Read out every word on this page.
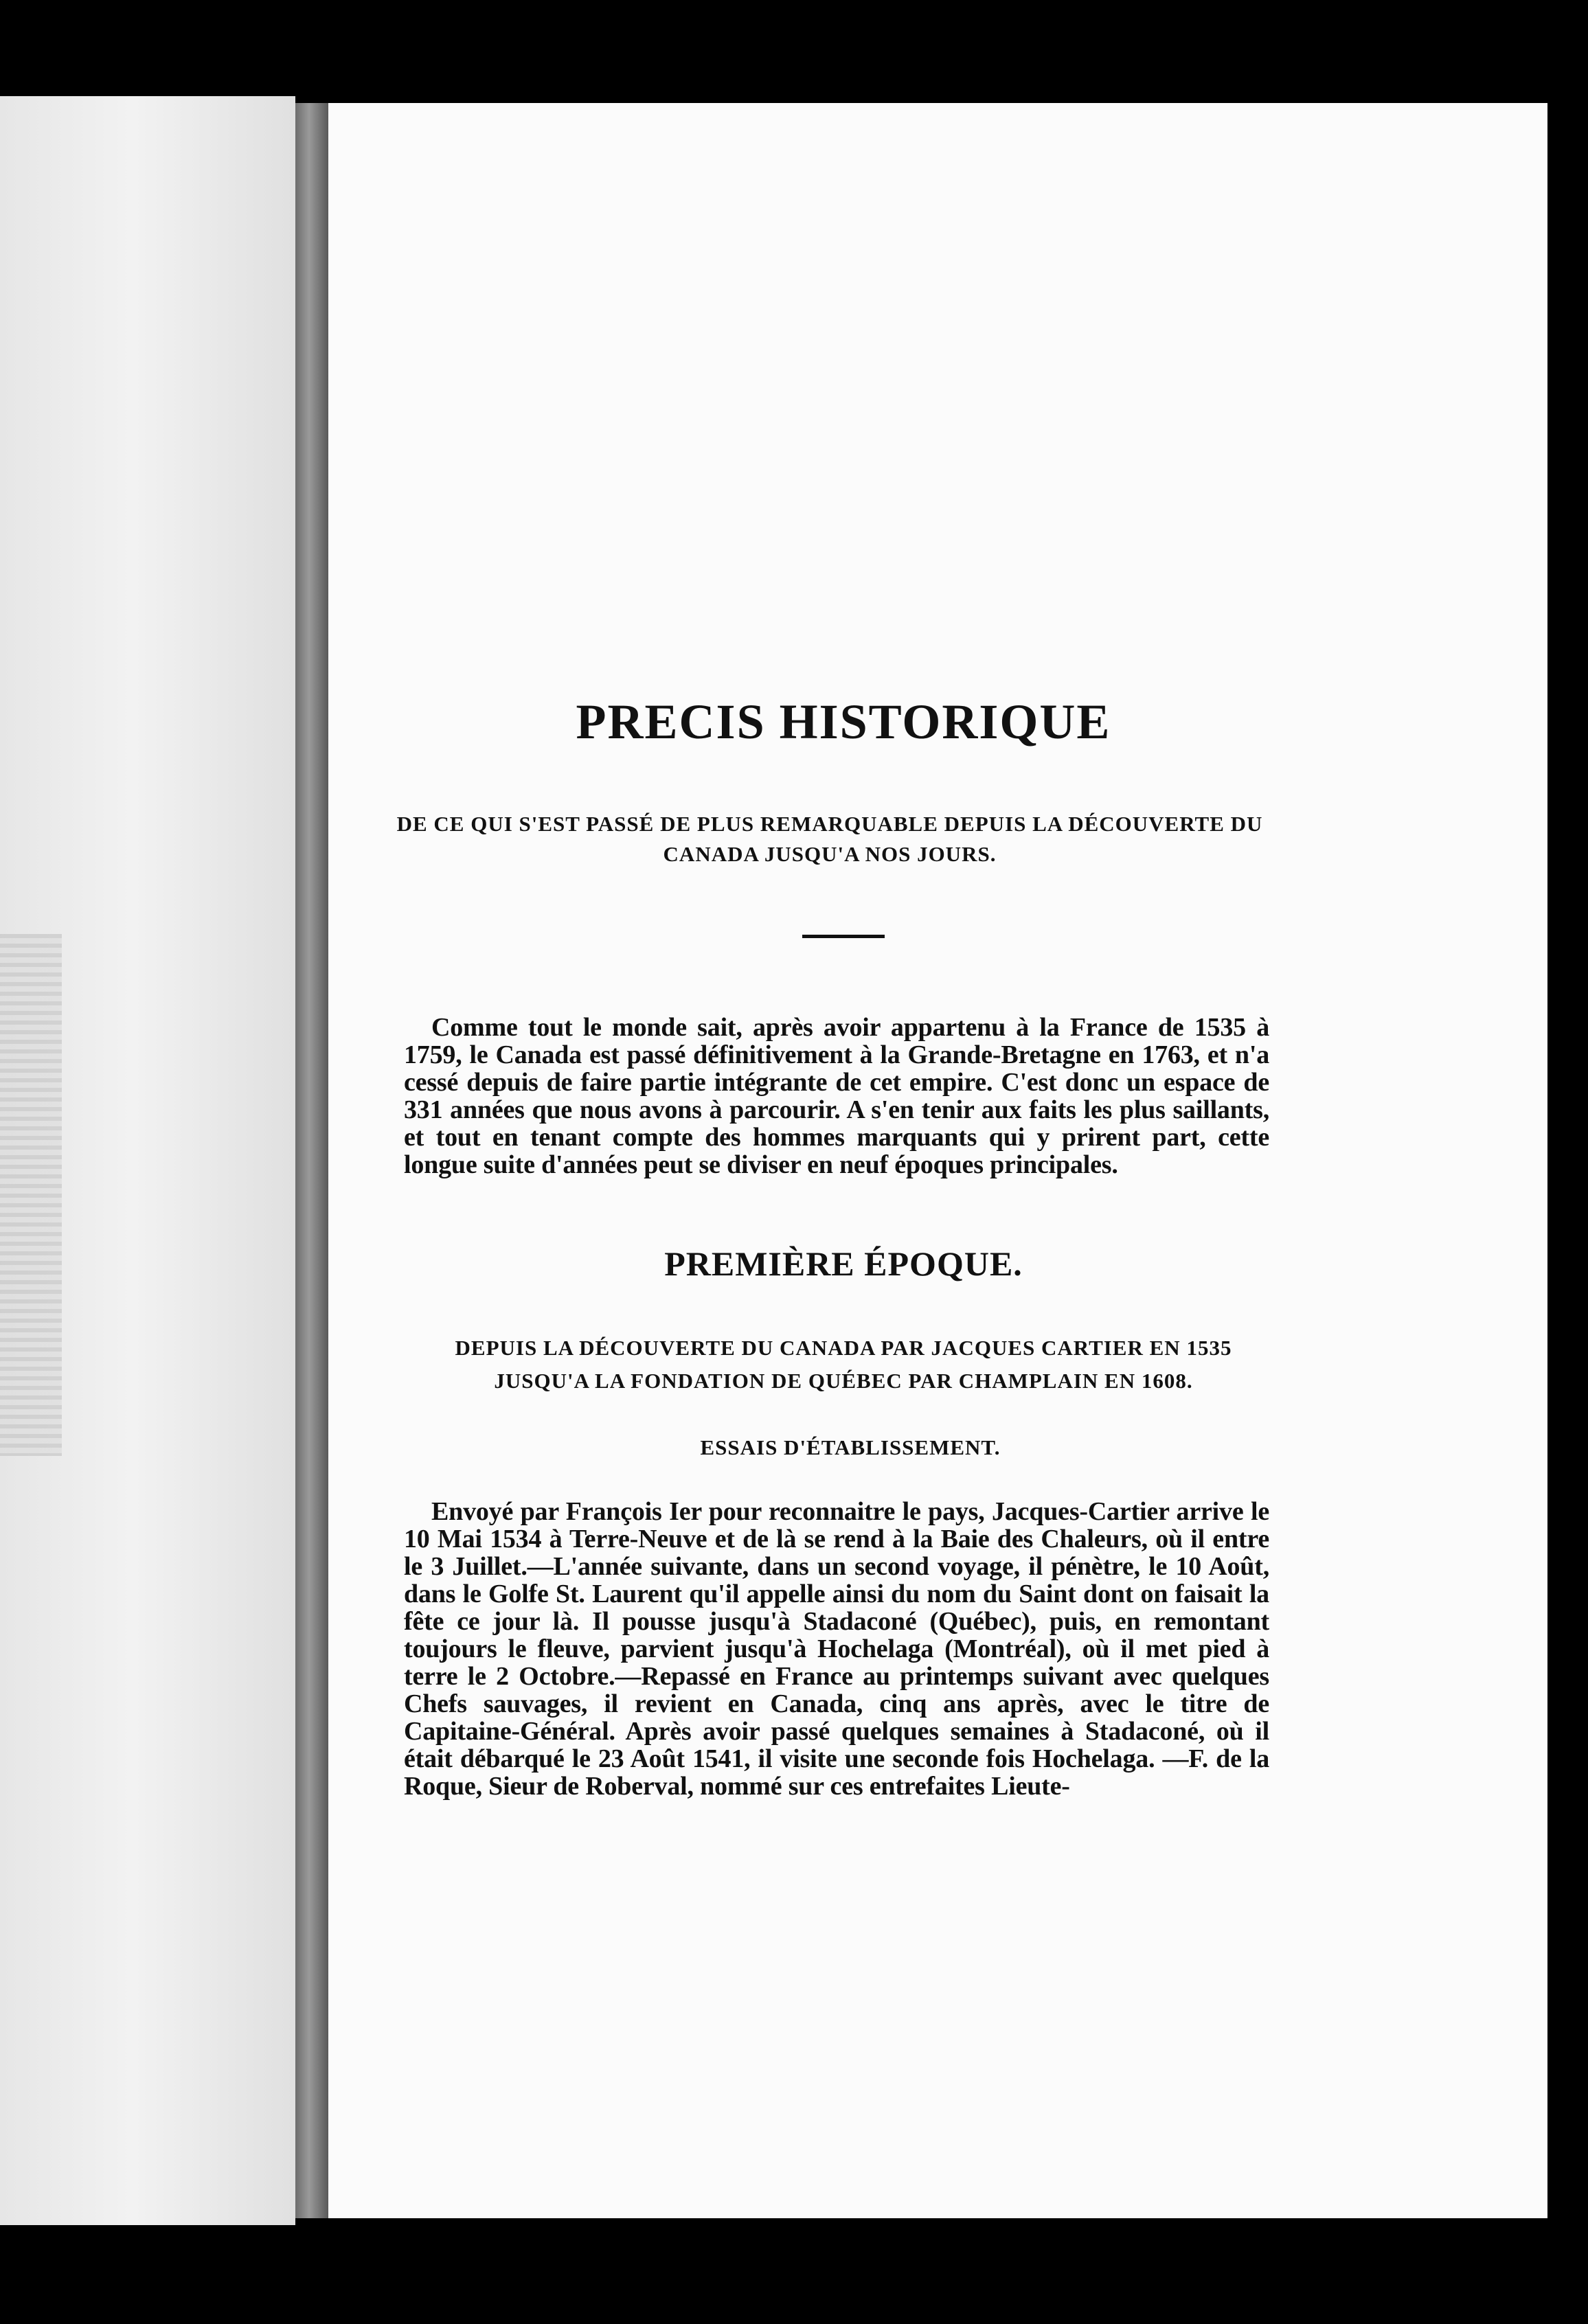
PRECIS HISTORIQUE

DE CE QUI S'EST PASSÉ DE PLUS REMARQUABLE DEPUIS LA DÉCOUVERTE DU CANADA JUSQU'A NOS JOURS.

Comme tout le monde sait, après avoir appartenu à la France de 1535 à 1759, le Canada est passé définitivement à la Grande-Bretagne en 1763, et n'a cessé depuis de faire partie intégrante de cet empire. C'est donc un espace de 331 années que nous avons à parcourir. A s'en tenir aux faits les plus saillants, et tout en tenant compte des hommes marquants qui y prirent part, cette longue suite d'années peut se diviser en neuf époques principales.

PREMIÈRE ÉPOQUE.

DEPUIS LA DÉCOUVERTE DU CANADA PAR JACQUES CARTIER EN 1535 JUSQU'A LA FONDATION DE QUÉBEC PAR CHAMPLAIN EN 1608.

ESSAIS D'ÉTABLISSEMENT.

Envoyé par François Ier pour reconnaitre le pays, Jacques-Cartier arrive le 10 Mai 1534 à Terre-Neuve et de là se rend à la Baie des Chaleurs, où il entre le 3 Juillet.—L'année suivante, dans un second voyage, il pénètre, le 10 Août, dans le Golfe St. Laurent qu'il appelle ainsi du nom du Saint dont on faisait la fête ce jour là. Il pousse jusqu'à Stadaconé (Québec), puis, en remontant toujours le fleuve, parvient jusqu'à Hochelaga (Montréal), où il met pied à terre le 2 Octobre.—Repassé en France au printemps suivant avec quelques Chefs sauvages, il revient en Canada, cinq ans après, avec le titre de Capitaine-Général. Après avoir passé quelques semaines à Stadaconé, où il était débarqué le 23 Août 1541, il visite une seconde fois Hochelaga. —F. de la Roque, Sieur de Roberval, nommé sur ces entrefaites Lieute-
